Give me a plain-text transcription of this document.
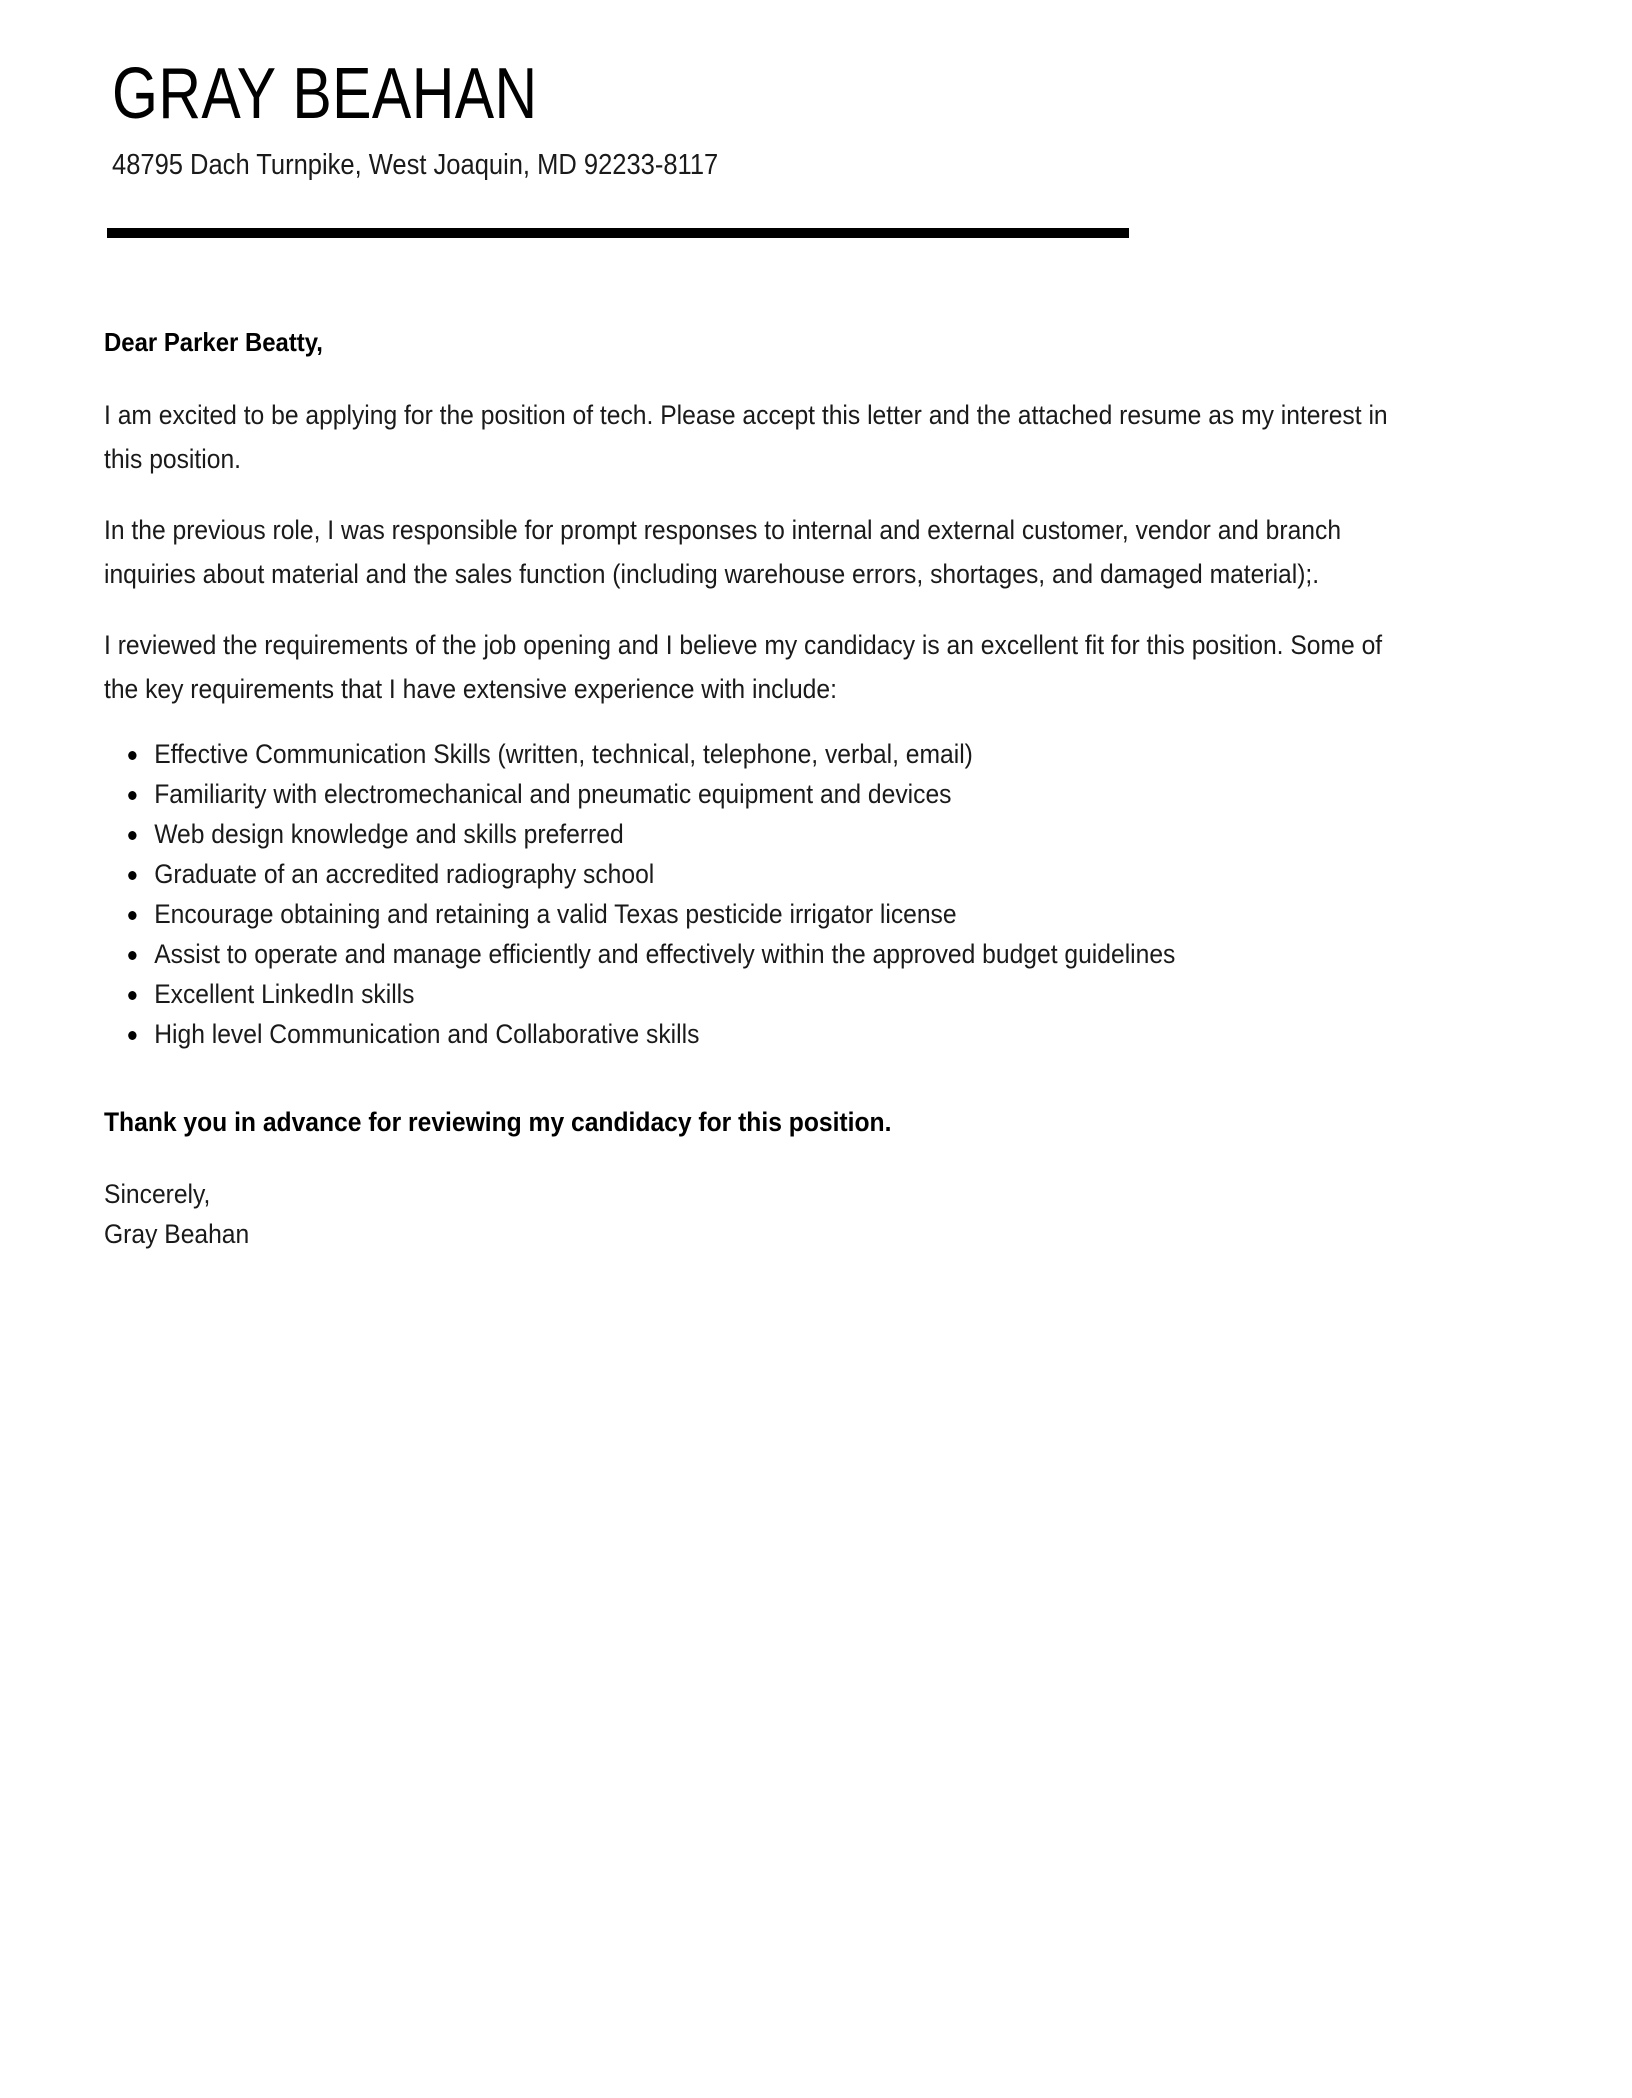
GRAY BEAHAN
48795 Dach Turnpike, West Joaquin, MD 92233-8117

Dear Parker Beatty,

I am excited to be applying for the position of tech. Please accept this letter and the attached resume as my interest in this position.

In the previous role, I was responsible for prompt responses to internal and external customer, vendor and branch inquiries about material and the sales function (including warehouse errors, shortages, and damaged material);.

I reviewed the requirements of the job opening and I believe my candidacy is an excellent fit for this position. Some of the key requirements that I have extensive experience with include:

Effective Communication Skills (written, technical, telephone, verbal, email)
Familiarity with electromechanical and pneumatic equipment and devices
Web design knowledge and skills preferred
Graduate of an accredited radiography school
Encourage obtaining and retaining a valid Texas pesticide irrigator license
Assist to operate and manage efficiently and effectively within the approved budget guidelines
Excellent LinkedIn skills
High level Communication and Collaborative skills

Thank you in advance for reviewing my candidacy for this position.

Sincerely,
Gray Beahan
